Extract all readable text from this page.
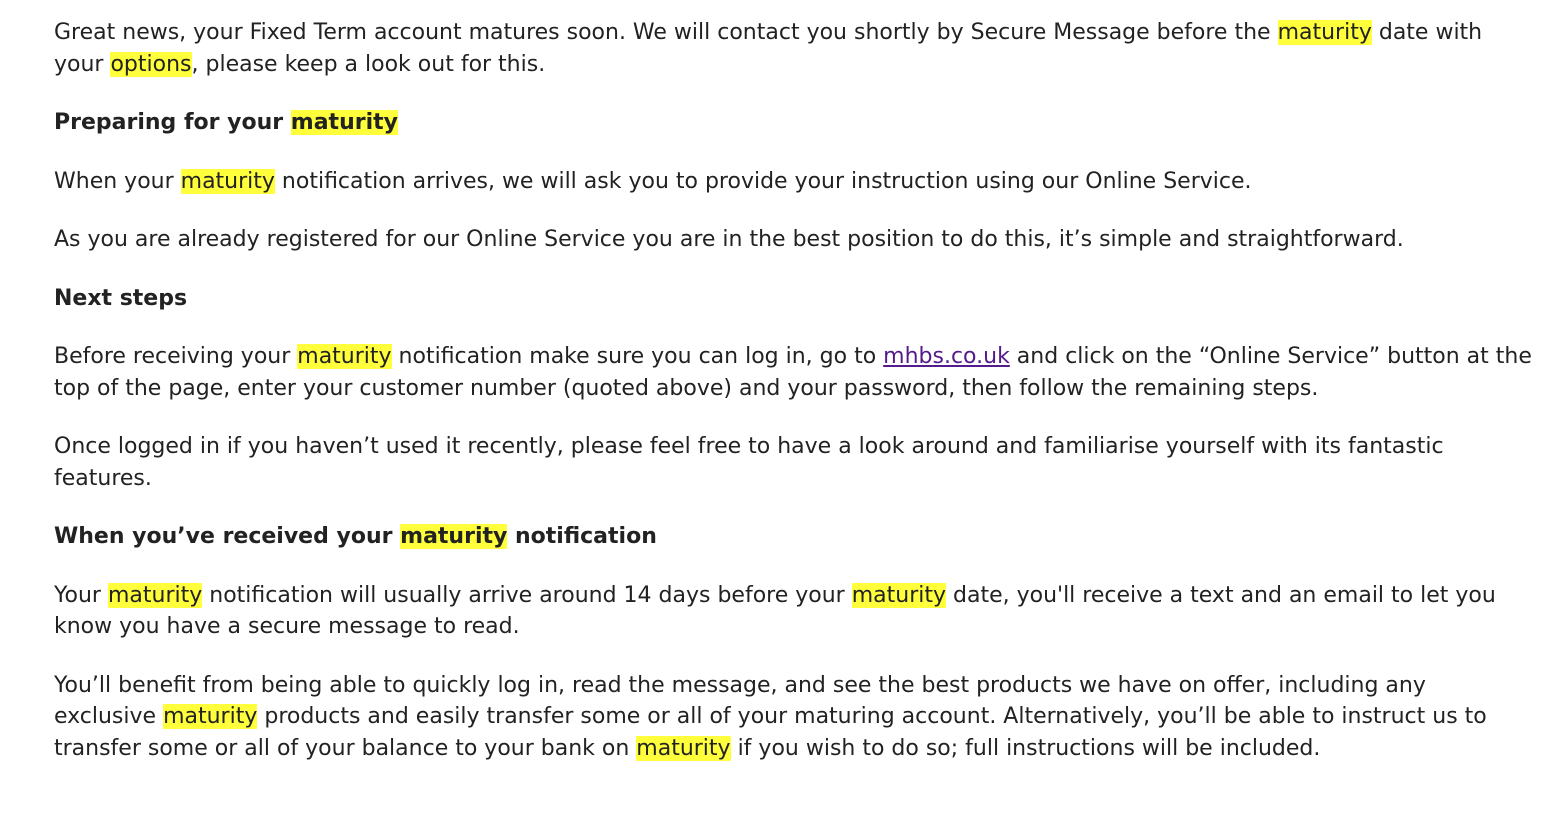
Great news, your Fixed Term account matures soon. We will contact you shortly by Secure Message before the maturity date with your options, please keep a look out for this.

Preparing for your maturity

When your maturity notification arrives, we will ask you to provide your instruction using our Online Service.

As you are already registered for our Online Service you are in the best position to do this, it’s simple and straightforward.

Next steps

Before receiving your maturity notification make sure you can log in, go to mhbs.co.uk and click on the “Online Service” button at the top of the page, enter your customer number (quoted above) and your password, then follow the remaining steps.

Once logged in if you haven’t used it recently, please feel free to have a look around and familiarise yourself with its fantastic features.

When you’ve received your maturity notification

Your maturity notification will usually arrive around 14 days before your maturity date, you'll receive a text and an email to let you know you have a secure message to read.

You’ll benefit from being able to quickly log in, read the message, and see the best products we have on offer, including any exclusive maturity products and easily transfer some or all of your maturing account. Alternatively, you’ll be able to instruct us to transfer some or all of your balance to your bank on maturity if you wish to do so; full instructions will be included.
